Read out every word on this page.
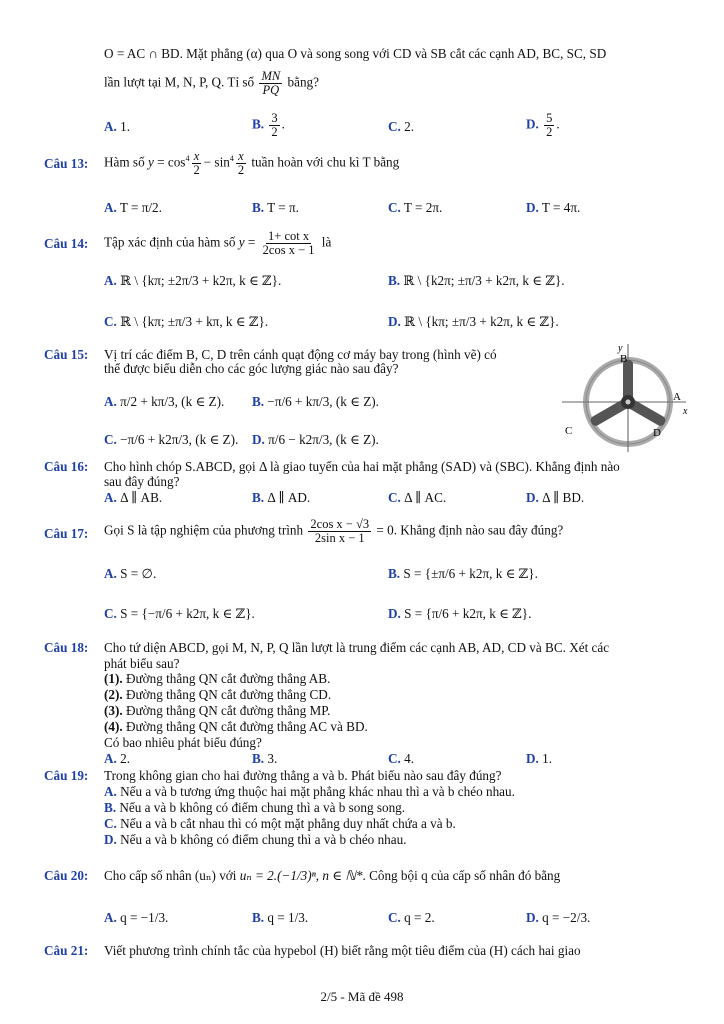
O = AC ∩ BD. Mặt phẳng (α) qua O và song song với CD và SB cắt các cạnh AD, BC, SC, SD
lần lượt tại M, N, P, Q. Tỉ số $\frac{MN}{PQ}$ bằng?
A. 1.	B. $\frac{3}{2}$ .	C. 2.	D. $\frac{5}{2}$ .
Câu 13: Hàm số $y = \cos^4 \frac{x}{2} - \sin^4 \frac{x}{2}$ tuần hoàn với chu kì T bằng
A. T = π/2.	B. T = π.	C. T = 2π.	D. T = 4π.
Câu 14: Tập xác định của hàm số $y = \frac{\text{1+ cot x}}{\text{2cos x − 1}}$ là
A. ℝ \ {kπ; ±2π/3 + k2π, k ∈ ℤ}.	B. ℝ \ {k2π; ±π/3 + k2π, k ∈ ℤ}.
C. ℝ \ {kπ; ±π/3 + kπ, k ∈ ℤ}.	D. ℝ \ {kπ; ±π/3 + k2π, k ∈ ℤ}.
Câu 15: Vị trí các điểm B, C, D trên cánh quạt động cơ máy bay trong (hình vẽ) có
thể được biểu diễn cho các góc lượng giác nào sau đây?
A. π/2 + kπ/3, (k ∈ Z). B. −π/6 + kπ/3, (k ∈ Z).
C. −π/6 + k2π/3, (k ∈ Z). D. π/6 − k2π/3, (k ∈ Z).
y
B
x
A
C	D
Câu 16: Cho hình chóp S.ABCD, gọi Δ là giao tuyến của hai mặt phẳng (SAD) và (SBC). Khẳng định nào
sau đây đúng?
A. Δ ∥ AB.	B. Δ ∥ AD.	C. Δ ∥ AC.	D. Δ ∥ BD.
Câu 17: Gọi S là tập nghiệm của phương trình $\frac{\text{2cos x − √3}}{\text{2sin x − 1}} = 0$. Khẳng định nào sau đây đúng?
A. S = ∅.	B. S = {±π/6 + k2π, k ∈ ℤ}.
C. S = {−π/6 + k2π, k ∈ ℤ}.	D. S = {π/6 + k2π, k ∈ ℤ}.
Câu 18: Cho tứ diện ABCD, gọi M, N, P, Q lần lượt là trung điểm các cạnh AB, AD, CD và BC. Xét các
phát biểu sau?
(1). Đường thẳng QN cắt đường thẳng AB.
(2). Đường thẳng QN cắt đường thẳng CD.
(3). Đường thẳng QN cắt đường thẳng MP.
(4). Đường thẳng QN cắt đường thẳng AC và BD.
Có bao nhiêu phát biểu đúng?
A. 2.	B. 3.	C. 4.	D. 1.
Câu 19: Trong không gian cho hai đường thẳng a và b. Phát biểu nào sau đây đúng?
A. Nếu a và b tương ứng thuộc hai mặt phẳng khác nhau thì a và b chéo nhau.
B. Nếu a và b không có điểm chung thì a và b song song.
C. Nếu a và b cắt nhau thì có một mặt phẳng duy nhất chứa a và b.
D. Nếu a và b không có điểm chung thì a và b chéo nhau.
Câu 20: Cho cấp số nhân (uₙ) với uₙ = 2.(−1/3)ⁿ, n ∈ ℕ*. Công bội q của cấp số nhân đó bằng
A. q = −1/3.	B. q = 1/3.	C. q = 2.	D. q = −2/3.
Câu 21: Viết phương trình chính tắc của hypebol (H) biết rằng một tiêu điểm của (H) cách hai giao
2/5 - Mã đề 498
